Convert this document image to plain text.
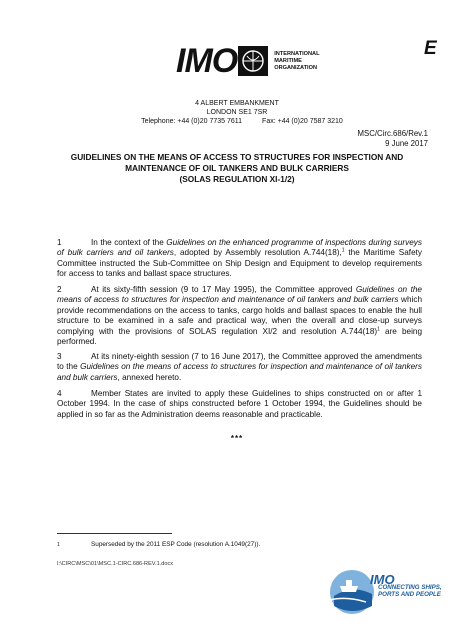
IMO	INTERNATIONAL
MARITIME
ORGANIZATION
E
4 ALBERT EMBANKMENT
LONDON SE1 7SR
Telephone: +44 (0)20 7735 7611	Fax: +44 (0)20 7587 3210
MSC/Circ.686/Rev.1
9 June 2017
GUIDELINES ON THE MEANS OF ACCESS TO STRUCTURES FOR INSPECTION AND
MAINTENANCE OF OIL TANKERS AND BULK CARRIERS
(SOLAS REGULATION XI-1/2)
1	In the context of the Guidelines on the enhanced programme of inspections during surveys of bulk carriers and oil tankers, adopted by Assembly resolution A.744(18),$^1$ the Maritime Safety Committee instructed the Sub-Committee on Ship Design and Equipment to develop requirements for access to tanks and ballast space structures.
2	At its sixty-fifth session (9 to 17 May 1995), the Committee approved Guidelines on the means of access to structures for inspection and maintenance of oil tankers and bulk carriers which provide recommendations on the access to tanks, cargo holds and ballast spaces to enable the hull structure to be examined in a safe and practical way, when the overall and close-up surveys complying with the provisions of SOLAS regulation XI/2 and resolution $A.744(18)^1$ are being performed.
3	At its ninety-eighth session (7 to 16 June 2017), the Committee approved the amendments to the Guidelines on the means of access to structures for inspection and maintenance of oil tankers and bulk carriers, annexed hereto.
4	Member States are invited to apply these Guidelines to ships constructed on or after 1 October 1994. In the case of ships constructed before 1 October 1994, the Guidelines should be applied in so far as the Administration deems reasonable and practicable.
***
1	Superseded by the 2011 ESP Code (resolution A.1049(27)).
I:\CIRC\MSC\01\MSC.1-CIRC.686-REV.1.docx
IMO
CONNECTING SHIPS,
PORTS AND PEOPLE
